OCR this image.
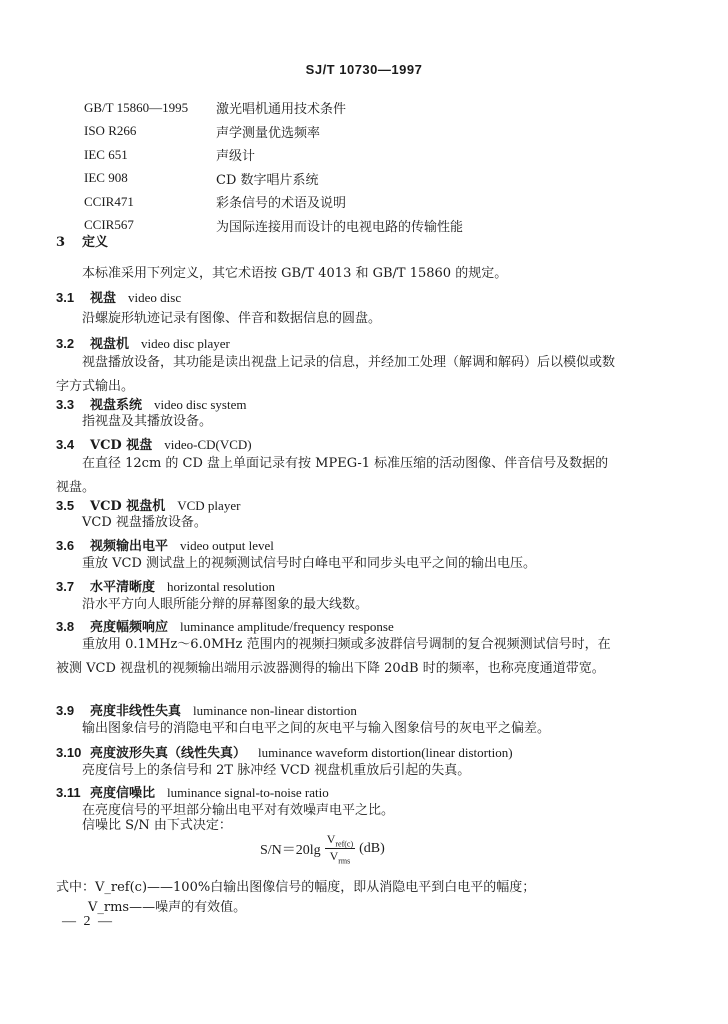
SJ/T 10730—1997
GB/T 15860—1995	激光唱机通用技术条件
ISO R266	声学测量优选频率
IEC 651	声级计
IEC 908	CD 数字唱片系统
CCIR471	彩条信号的术语及说明
CCIR567	为国际连接用而设计的电视电路的传输性能
3 定义
本标准采用下列定义，其它术语按 GB/T 4013 和 GB/T 15860 的规定。
3.1 视盘 video disc
沿螺旋形轨迹记录有图像、伴音和数据信息的圆盘。
3.2 视盘机 video disc player
视盘播放设备，其功能是读出视盘上记录的信息，并经加工处理（解调和解码）后以模似或数字方式输出。
3.3 视盘系统 video disc system
指视盘及其播放设备。
3.4 VCD 视盘 video-CD(VCD)
在直径 12cm 的 CD 盘上单面记录有按 MPEG-1 标准压缩的活动图像、伴音信号及数据的视盘。
3.5 VCD 视盘机 VCD player
VCD 视盘播放设备。
3.6 视频输出电平 video output level
重放 VCD 测试盘上的视频测试信号时白峰电平和同步头电平之间的输出电压。
3.7 水平清晰度 horizontal resolution
沿水平方向人眼所能分辩的屏幕图象的最大线数。
3.8 亮度幅频响应 luminance amplitude/frequency response
重放用 0.1MHz～6.0MHz 范围内的视频扫频或多波群信号调制的复合视频测试信号时，在被测 VCD 视盘机的视频输出端用示波器测得的输出下降 20dB 时的频率，也称亮度通道带宽。
3.9 亮度非线性失真 luminance non-linear distortion
输出图象信号的消隐电平和白电平之间的灰电平与输入图象信号的灰电平之偏差。
3.10 亮度波形失真（线性失真） luminance waveform distortion(linear distortion)
亮度信号上的条信号和 2T 脉冲经 VCD 视盘机重放后引起的失真。
3.11 亮度信噪比 luminance signal-to-noise ratio
在亮度信号的平坦部分输出电平对有效噪声电平之比。
信噪比 S/N 由下式决定：
$S/N=20\lg \frac{V_{ref(c)}}{V_{rms}} (dB)$
式中：V_ref(c)——100%白输出图像信号的幅度，即从消隐电平到白电平的幅度；
V_rms——噪声的有效值。
— 2 —
